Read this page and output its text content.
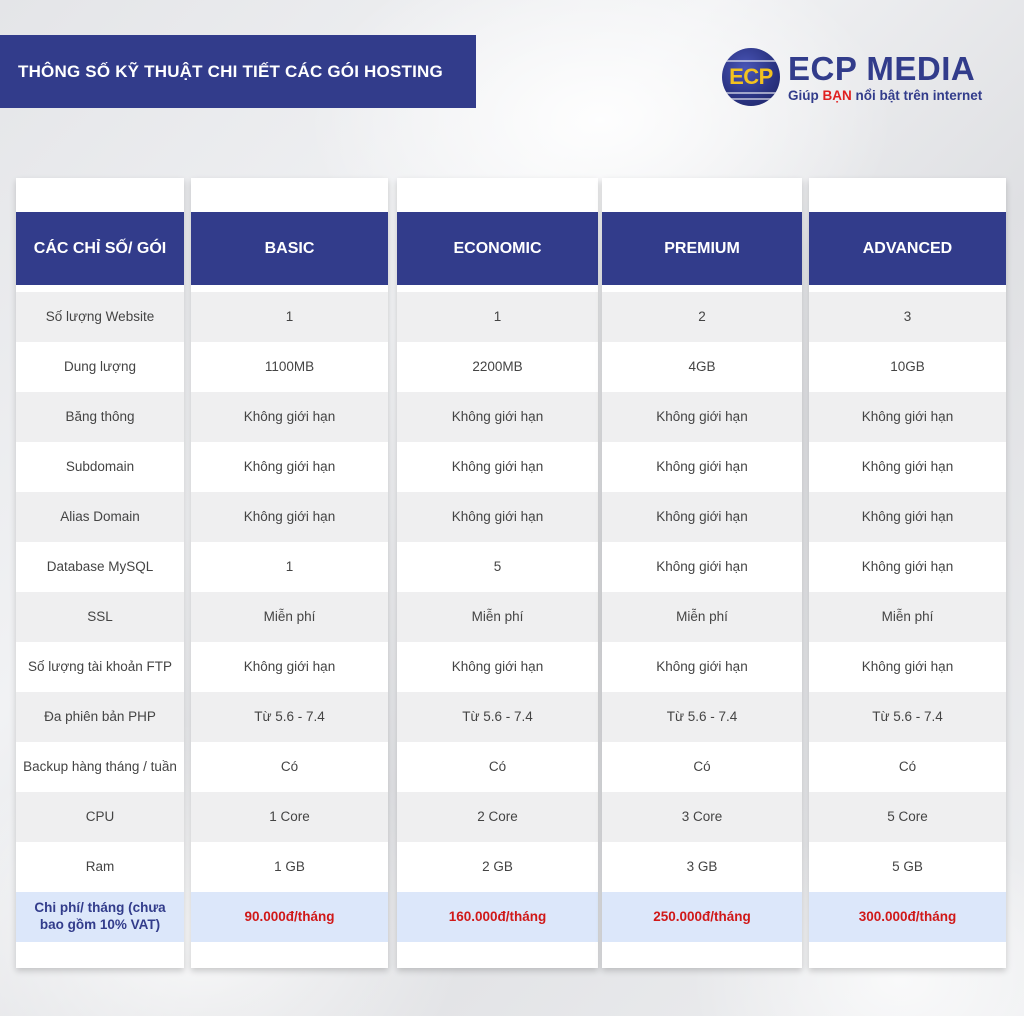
THÔNG SỐ KỸ THUẬT CHI TIẾT CÁC GÓI HOSTING	ECP ECP MEDIA
Giúp BẠN nổi bật trên internet
CÁC CHỈ SỐ/ GÓI
Số lượng Website
Dung lượng
Băng thông
Subdomain
Alias Domain
Database MySQL
SSL
Số lượng tài khoản FTP
Đa phiên bản PHP
Backup hàng tháng / tuần
CPU
Ram
Chi phí/ tháng (chưa bao gồm 10% VAT)
BASIC
1
1100MB
Không giới hạn
Không giới hạn
Không giới hạn
1
Miễn phí
Không giới hạn
Từ 5.6 - 7.4
Có
1 Core
1 GB
90.000đ/tháng
ECONOMIC
1
2200MB
Không giới hạn
Không giới hạn
Không giới hạn
5
Miễn phí
Không giới hạn
Từ 5.6 - 7.4
Có
2 Core
2 GB
160.000đ/tháng
PREMIUM
2
4GB
Không giới hạn
Không giới hạn
Không giới hạn
Không giới hạn
Miễn phí
Không giới hạn
Từ 5.6 - 7.4
Có
3 Core
3 GB
250.000đ/tháng
ADVANCED
3
10GB
Không giới hạn
Không giới hạn
Không giới hạn
Không giới hạn
Miễn phí
Không giới hạn
Từ 5.6 - 7.4
Có
5 Core
5 GB
300.000đ/tháng
